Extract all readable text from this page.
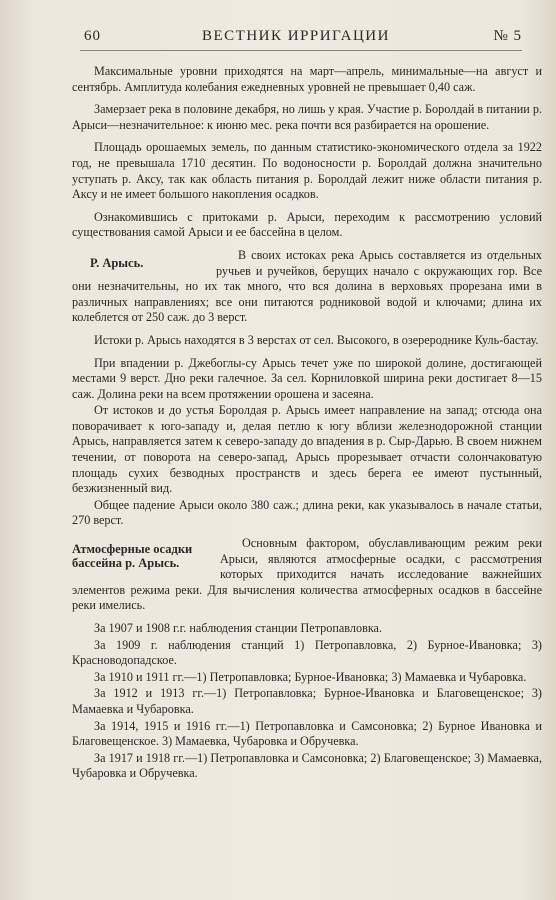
60	ВЕСТНИК ИРРИГАЦИИ	№ 5

Максимальные уровни приходятся на март—апрель, минимальные—на август и сентябрь. Амплитуда колебания ежедневных уровней не превышает 0,40 саж.

Замерзает река в половине декабря, но лишь у края. Участие р. Боролдай в питании р. Арыси—незначительное: к июню мес. река почти вся разбирается на орошение.

Площадь орошаемых земель, по данным статистико-экономического отдела за 1922 год, не превышала 1710 десятин. По водоносности р. Боролдай должна значительно уступать р. Аксу, так как область питания р. Боролдай лежит ниже области питания р. Аксу и не имеет большого накопления осадков.

Ознакомившись с притоками р. Арыси, переходим к рассмотрению условий существования самой Арыси и ее бассейна в целом.

Р. Арысь.

В своих истоках река Арысь составляется из отдельных ручьев и ручейков, берущих начало с окружающих гор. Все они незначительны, но их так много, что вся долина в верховьях прорезана ими в различных направлениях; все они питаются родниковой водой и ключами; длина их колеблется от 250 саж. до 3 верст.

Истоки р. Арысь находятся в 3 верстах от сел. Высокого, в озерероднике Куль-бастау.

При впадении р. Джебоглы-су Арысь течет уже по широкой долине, достигающей местами 9 верст. Дно реки галечное. За сел. Корниловкой ширина реки достигает 8—15 саж. Долина реки на всем протяжении орошена и засеяна.

От истоков и до устья Боролдая р. Арысь имеет направление на запад; отсюда она поворачивает к юго-западу и, делая петлю к югу вблизи железнодорожной станции Арысь, направляется затем к северо-западу до впадения в р. Сыр-Дарью. В своем нижнем течении, от поворота на северо-запад, Арысь прорезывает отчасти солончаковатую площадь сухих безводных пространств и здесь берега ее имеют пустынный, безжизненный вид.

Общее падение Арыси около 380 саж.; длина реки, как указывалось в начале статьи, 270 верст.

Атмосферные осадки бассейна р. Арысь.

Основным фактором, обуславливающим режим реки Арыси, являются атмосферные осадки, с рассмотрения которых приходится начать исследование важнейших элементов режима реки. Для вычисления количества атмосферных осадков в бассейне реки имелись.

За 1907 и 1908 г.г. наблюдения станции Петропавловка.

За 1909 г. наблюдения станций 1) Петропавловка, 2) Бурное-Ивановка; 3) Красноводопадское.

За 1910 и 1911 гг.—1) Петропавловка; Бурное-Ивановка; 3) Мамаевка и Чубаровка.

За 1912 и 1913 гг.—1) Петропавловка; Бурное-Ивановка и Благовещенское; 3) Мамаевка и Чубаровка.

За 1914, 1915 и 1916 гг.—1) Петропавловка и Самсоновка; 2) Бурное Ивановка и Благовещенское. 3) Мамаевка, Чубаровка и Обручевка.

За 1917 и 1918 гг.—1) Петропавловка и Самсоновка; 2) Благовещенское; 3) Мамаевка, Чубаровка и Обручевка.
